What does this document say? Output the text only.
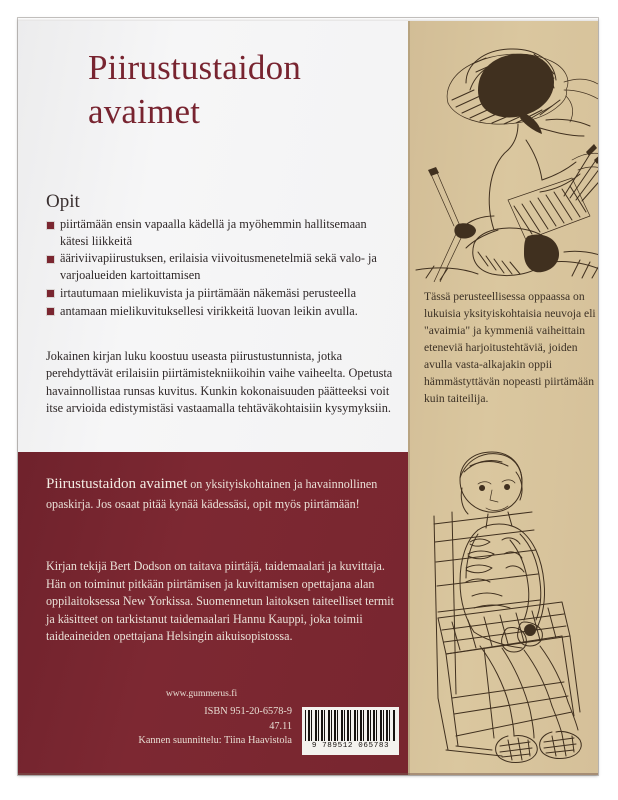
Piirustustaidon
avaimet
Opit
piirtämään ensin vapaalla kädellä ja myöhemmin hallitsemaan kätesi liikkeitä
ääriviivapiirustuksen, erilaisia viivoitusmenetelmiä sekä valo- ja varjoalueiden kartoittamisen
irtautumaan mielikuvista ja piirtämään näkemäsi perusteella
antamaan mielikuvituksellesi virikkeitä luovan leikin avulla.

Jokainen kirjan luku koostuu useasta piirustustunnista, jotka perehdyttävät erilaisiin piirtämistekniikoihin vaihe vaiheelta. Opetusta havainnollistaa runsas kuvitus. Kunkin kokonaisuuden päätteeksi voit itse arvioida edistymistäsi vastaamalla tehtäväkohtaisiin kysymyksiin.

Piirustustaidon avaimet on yksityiskohtainen ja havainnollinen opaskirja. Jos osaat pitää kynää kädessäsi, opit myös piirtämään!

Kirjan tekijä Bert Dodson on taitava piirtäjä, taidemaalari ja kuvittaja. Hän on toiminut pitkään piirtämisen ja kuvittamisen opettajana alan oppilaitoksessa New Yorkissa. Suomennetun laitoksen taiteelliset termit ja käsitteet on tarkistanut taidemaalari Hannu Kauppi, joka toimii taideaineiden opettajana Helsingin aikuisopistossa.

www.gummerus.fi
ISBN 951-20-6578-9
47.11
Kannen suunnittelu: Tiina Haavistola	9 789512 065783

Tässä perusteellisessa oppaassa on lukuisia yksityiskohtaisia neuvoja eli "avaimia" ja kymmeniä vaiheittain eteneviä harjoitustehtäviä, joiden avulla vasta-alkajakin oppii hämmästyttävän nopeasti piirtämään kuin taiteilija.
